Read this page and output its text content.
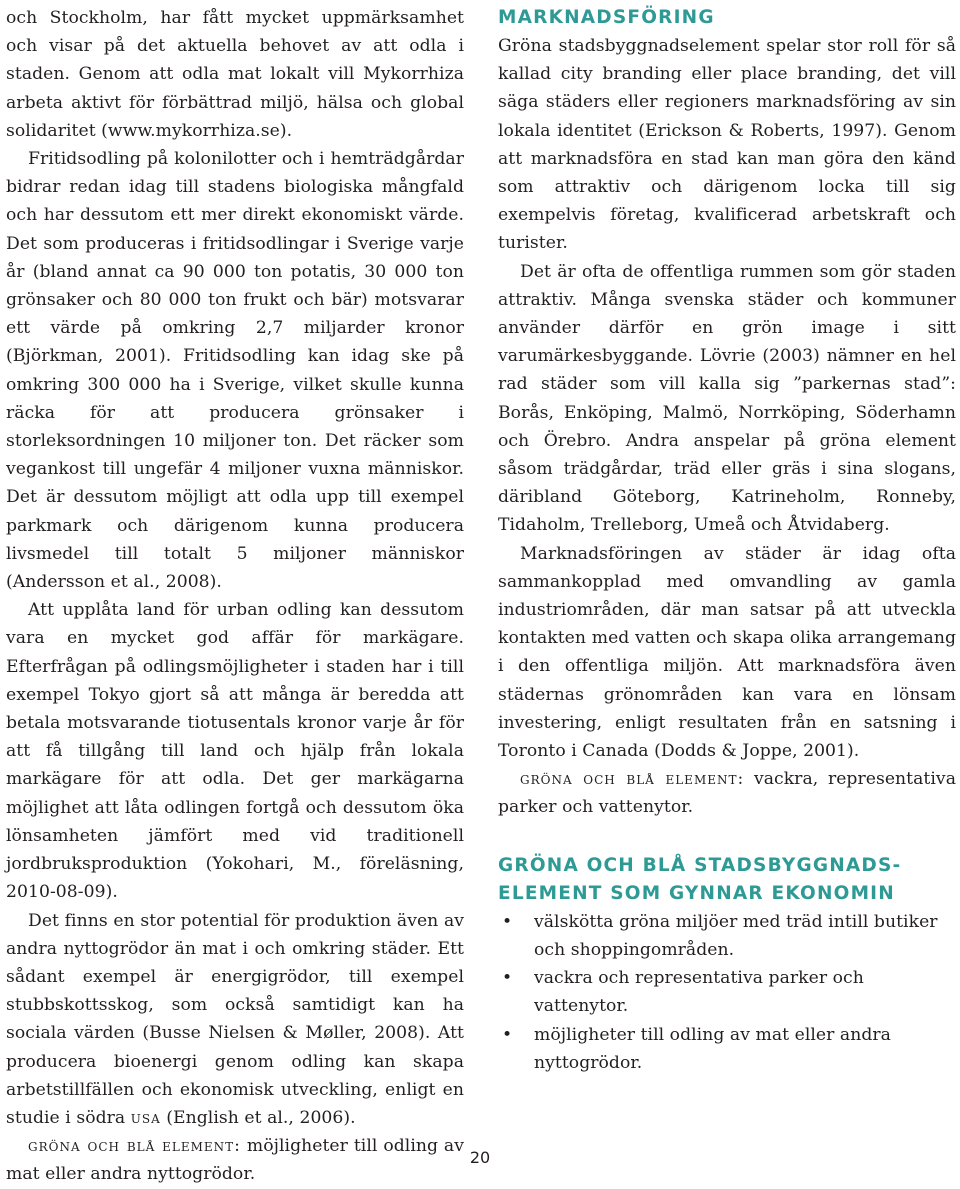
och Stockholm, har fått mycket uppmärksamhet och visar på det aktuella behovet av att odla i staden. Genom att odla mat lokalt vill Mykorrhiza arbeta aktivt för förbättrad miljö, hälsa och global solidaritet (www.mykorrhiza.se).

Fritidsodling på kolonilotter och i hemträdgårdar bidrar redan idag till stadens biologiska mångfald och har dessutom ett mer direkt ekonomiskt värde. Det som produceras i fritidsodlingar i Sverige varje år (bland annat ca 90 000 ton potatis, 30 000 ton grönsaker och 80 000 ton frukt och bär) motsvarar ett värde på omkring 2,7 miljarder kronor (Björkman, 2001). Fritidsodling kan idag ske på omkring 300 000 ha i Sverige, vilket skulle kunna räcka för att producera grönsaker i storleksordningen 10 miljoner ton. Det räcker som vegankost till ungefär 4 miljoner vuxna människor. Det är dessutom möjligt att odla upp till exempel parkmark och därigenom kunna producera livsmedel till totalt 5 miljoner människor (Andersson et al., 2008).

Att upplåta land för urban odling kan dessutom vara en mycket god affär för markägare. Efterfrågan på odlingsmöjligheter i staden har i till exempel Tokyo gjort så att många är beredda att betala motsvarande tiotusentals kronor varje år för att få tillgång till land och hjälp från lokala markägare för att odla. Det ger markägarna möjlighet att låta odlingen fortgå och dessutom öka lönsamheten jämfört med vid traditionell jordbruksproduktion (Yokohari, M., föreläsning, 2010-08-09).

Det finns en stor potential för produktion även av andra nyttogrödor än mat i och omkring städer. Ett sådant exempel är energigrödor, till exempel stubbskottsskog, som också samtidigt kan ha sociala värden (Busse Nielsen & Møller, 2008). Att producera bioenergi genom odling kan skapa arbetstillfällen och ekonomisk utveckling, enligt en studie i södra usa (English et al., 2006).

gröna och blå element: möjligheter till odling av mat eller andra nyttogrödor.

MARKNADSFÖRING

Gröna stadsbyggnadselement spelar stor roll för så kallad city branding eller place branding, det vill säga städers eller regioners marknadsföring av sin lokala identitet (Erickson & Roberts, 1997). Genom att marknadsföra en stad kan man göra den känd som attraktiv och därigenom locka till sig exempelvis företag, kvalificerad arbetskraft och turister.

Det är ofta de offentliga rummen som gör staden attraktiv. Många svenska städer och kommuner använder därför en grön image i sitt varumärkesbyggande. Lövrie (2003) nämner en hel rad städer som vill kalla sig ”parkernas stad”: Borås, Enköping, Malmö, Norrköping, Söderhamn och Örebro. Andra anspelar på gröna element såsom trädgårdar, träd eller gräs i sina slogans, däribland Göteborg, Katrineholm, Ronneby, Tidaholm, Trelleborg, Umeå och Åtvidaberg.

Marknadsföringen av städer är idag ofta sammankopplad med omvandling av gamla industriområden, där man satsar på att utveckla kontakten med vatten och skapa olika arrangemang i den offentliga miljön. Att marknadsföra även städernas grönområden kan vara en lönsam investering, enligt resultaten från en satsning i Toronto i Canada (Dodds & Joppe, 2001).

gröna och blå element: vackra, representativa parker och vattenytor.

GRÖNA OCH BLÅ STADSBYGGNADS-
ELEMENT SOM GYNNAR EKONOMIN
• välskötta gröna miljöer med träd intill butiker och shoppingområden.
• vackra och representativa parker och vattenytor.
• möjligheter till odling av mat eller andra nyttogrödor.
20
